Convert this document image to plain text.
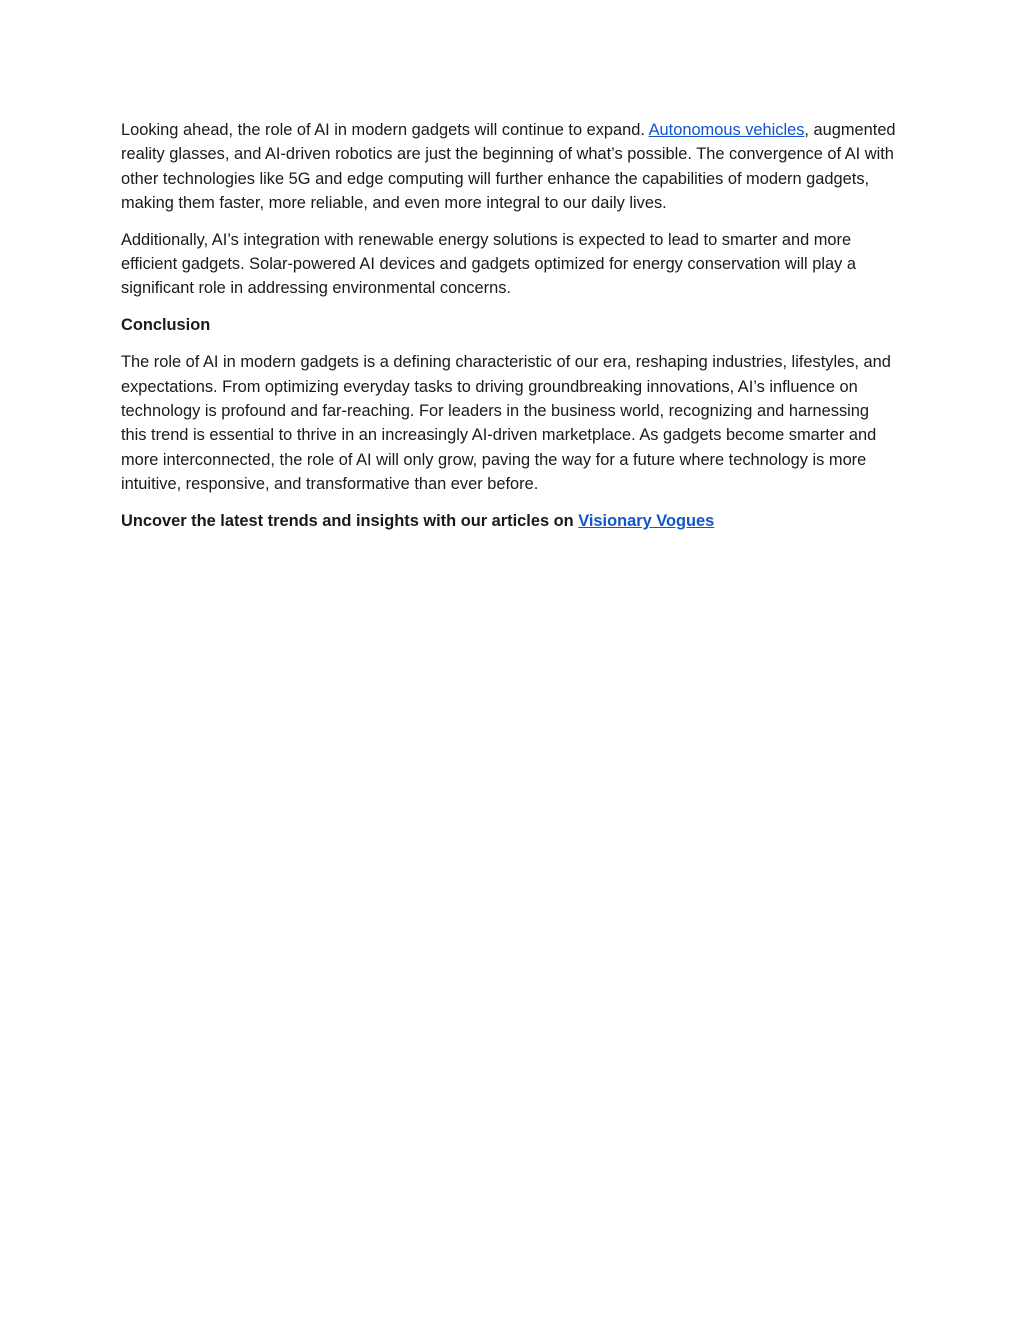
Looking ahead, the role of AI in modern gadgets will continue to expand. Autonomous vehicles, augmented reality glasses, and AI-driven robotics are just the beginning of what’s possible. The convergence of AI with other technologies like 5G and edge computing will further enhance the capabilities of modern gadgets, making them faster, more reliable, and even more integral to our daily lives.

Additionally, AI’s integration with renewable energy solutions is expected to lead to smarter and more efficient gadgets. Solar-powered AI devices and gadgets optimized for energy conservation will play a significant role in addressing environmental concerns.

Conclusion

The role of AI in modern gadgets is a defining characteristic of our era, reshaping industries, lifestyles, and expectations. From optimizing everyday tasks to driving groundbreaking innovations, AI’s influence on technology is profound and far-reaching. For leaders in the business world, recognizing and harnessing this trend is essential to thrive in an increasingly AI-driven marketplace. As gadgets become smarter and more interconnected, the role of AI will only grow, paving the way for a future where technology is more intuitive, responsive, and transformative than ever before.

Uncover the latest trends and insights with our articles on Visionary Vogues
